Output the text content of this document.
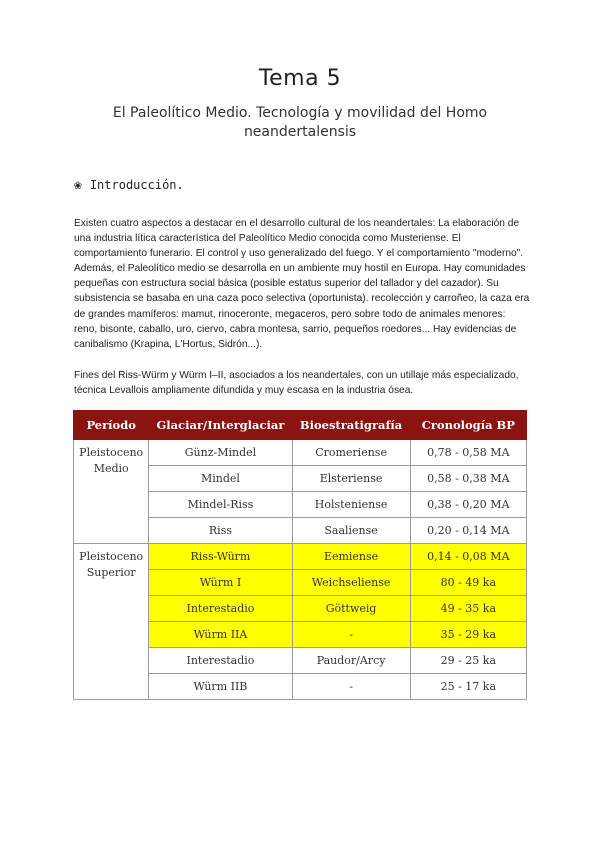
Tema 5
El Paleolítico Medio. Tecnología y movilidad del Homo neandertalensis
❀ Introducción.

Existen cuatro aspectos a destacar en el desarrollo cultural de los neandertales: La elaboración de una industria lítica característica del Paleolítico Medio conocida como Musteriense. El comportamiento funerario. El control y uso generalizado del fuego. Y el comportamiento "moderno". Además, el Paleolítico medio se desarrolla en un ambiente muy hostil en Europa. Hay comunidades pequeñas con estructura social básica (posible estatus superior del tallador y del cazador). Su subsistencia se basaba en una caza poco selectiva (oportunista). recolección y carroñeo, la caza era de grandes mamíferos: mamut, rinoceronte, megaceros, pero sobre todo de animales menores: reno, bisonte, caballo, uro, ciervo, cabra montesa, sarrio, pequeños roedores... Hay evidencias de canibalismo (Krapina, L'Hortus, Sidrón...).

Fines del Riss-Würm y Würm I–II, asociados a los neandertales, con un utillaje más especializado, técnica Levallois ampliamente difundida y muy escasa en la industria ósea.

Período	Glaciar/Interglaciar	Bioestratigrafía	Cronología BP
Pleistoceno Medio	Günz-Mindel	Cromeriense	0,78 - 0,58 MA
	Mindel	Elsteriense	0,58 - 0,38 MA
	Mindel-Riss	Holsteniense	0,38 - 0,20 MA
	Riss	Saaliense	0,20 - 0,14 MA
Pleistoceno Superior	Riss-Würm	Eemiense	0,14 - 0,08 MA
	Würm I	Weichseliense	80 - 49 ka
	Interestadio	Göttweig	49 - 35 ka
	Würm IIA	-	35 - 29 ka
	Interestadio	Paudor/Arcy	29 - 25 ka
	Würm IIB	-	25 - 17 ka
